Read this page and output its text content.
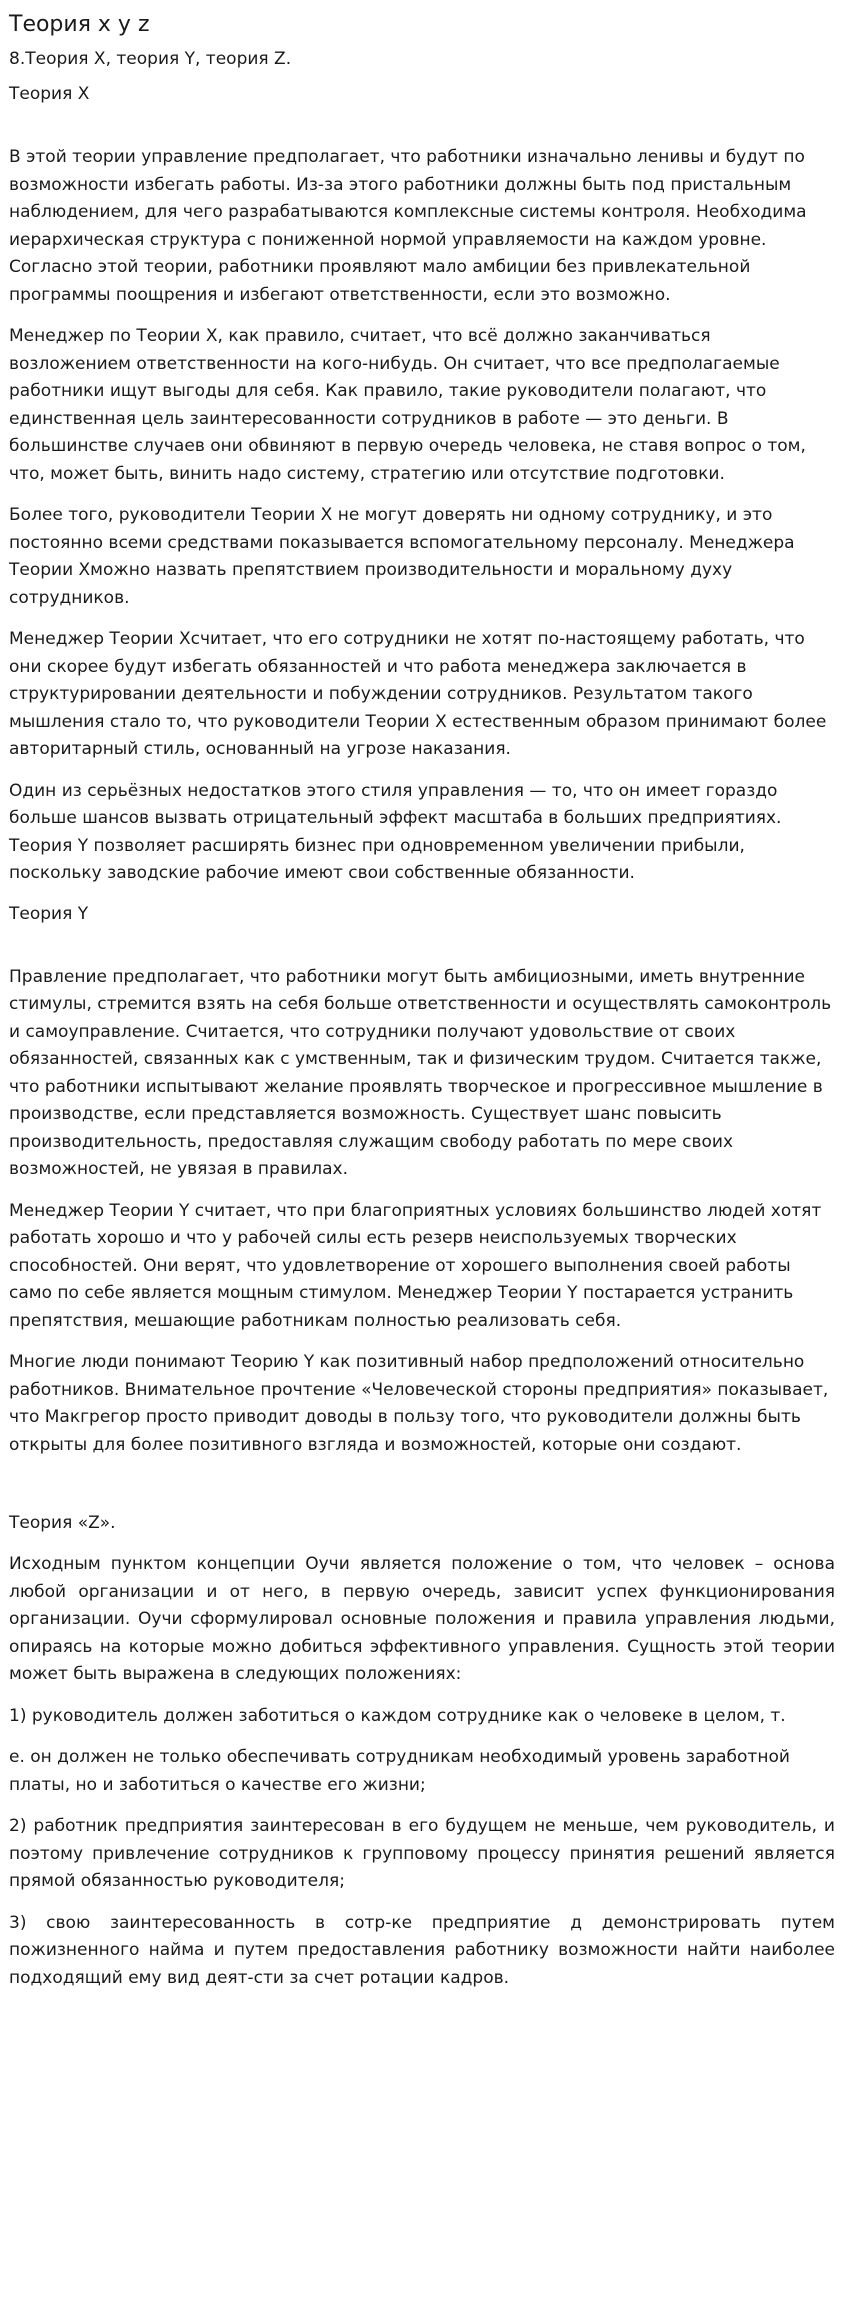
Теория x y z
8.Теория X, теория Y, теория Z.
Теория X

В этой теории управление предполагает, что работники изначально ленивы и будут по возможности избегать работы. Из-за этого работники должны быть под пристальным наблюдением, для чего разрабатываются комплексные системы контроля. Необходима иерархическая структура с пониженной нормой управляемости на каждом уровне. Согласно этой теории, работники проявляют мало амбиции без привлекательной программы поощрения и избегают ответственности, если это возможно.

Менеджер по Теории X, как правило, считает, что всё должно заканчиваться возложением ответственности на кого-нибудь. Он считает, что все предполагаемые работники ищут выгоды для себя. Как правило, такие руководители полагают, что единственная цель заинтересованности сотрудников в работе — это деньги. В большинстве случаев они обвиняют в первую очередь человека, не ставя вопрос о том, что, может быть, винить надо систему, стратегию или отсутствие подготовки.

Более того, руководители Теории X не могут доверять ни одному сотруднику, и это постоянно всеми средствами показывается вспомогательному персоналу. Менеджера Теории Xможно назвать препятствием производительности и моральному духу сотрудников.

Менеджер Теории Xсчитает, что его сотрудники не хотят по-настоящему работать, что они скорее будут избегать обязанностей и что работа менеджера заключается в структурировании деятельности и побуждении сотрудников. Результатом такого мышления стало то, что руководители Теории X естественным образом принимают более авторитарный стиль, основанный на угрозе наказания.

Один из серьёзных недостатков этого стиля управления — то, что он имеет гораздо больше шансов вызвать отрицательный эффект масштаба в больших предприятиях. Теория Y позволяет расширять бизнес при одновременном увеличении прибыли, поскольку заводские рабочие имеют свои собственные обязанности.

Теория Y

Правление предполагает, что работники могут быть амбициозными, иметь внутренние стимулы, стремится взять на себя больше ответственности и осуществлять самоконтроль и самоуправление. Считается, что сотрудники получают удовольствие от своих обязанностей, связанных как с умственным, так и физическим трудом. Считается также, что работники испытывают желание проявлять творческое и прогрессивное мышление в производстве, если представляется возможность. Существует шанс повысить производительность, предоставляя служащим свободу работать по мере своих возможностей, не увязая в правилах.

Менеджер Теории Y считает, что при благоприятных условиях большинство людей хотят работать хорошо и что у рабочей силы есть резерв неиспользуемых творческих способностей. Они верят, что удовлетворение от хорошего выполнения своей работы само по себе является мощным стимулом. Менеджер Теории Y постарается устранить препятствия, мешающие работникам полностью реализовать себя.

Многие люди понимают Теорию Y как позитивный набор предположений относительно работников. Внимательное прочтение «Человеческой стороны предприятия» показывает, что Макгрегор просто приводит доводы в пользу того, что руководители должны быть открыты для более позитивного взгляда и возможностей, которые они создают.

Теория «Z».

Исходным пунктом концепции Оучи является положение о том, что человек – основа любой организации и от него, в первую очередь, зависит успех функционирования организации. Оучи сформулировал основные положения и правила управления людьми, опираясь на которые можно добиться эффективного управления. Сущность этой теории может быть выражена в следующих положениях:

1) руководитель должен заботиться о каждом сотруднике как о человеке в целом, т.

е. он должен не только обеспечивать сотрудникам необходимый уровень заработной платы, но и заботиться о качестве его жизни;

2) работник предприятия заинтересован в его будущем не меньше, чем руководитель, и поэтому привлечение сотрудников к групповому процессу принятия решений является прямой обязанностью руководителя;

3) свою заинтересованность в сотр-ке предприятие д демонстрировать путем пожизненного найма и путем предоставления работнику возможности найти наиболее подходящий ему вид деят-сти за счет ротации кадров.
